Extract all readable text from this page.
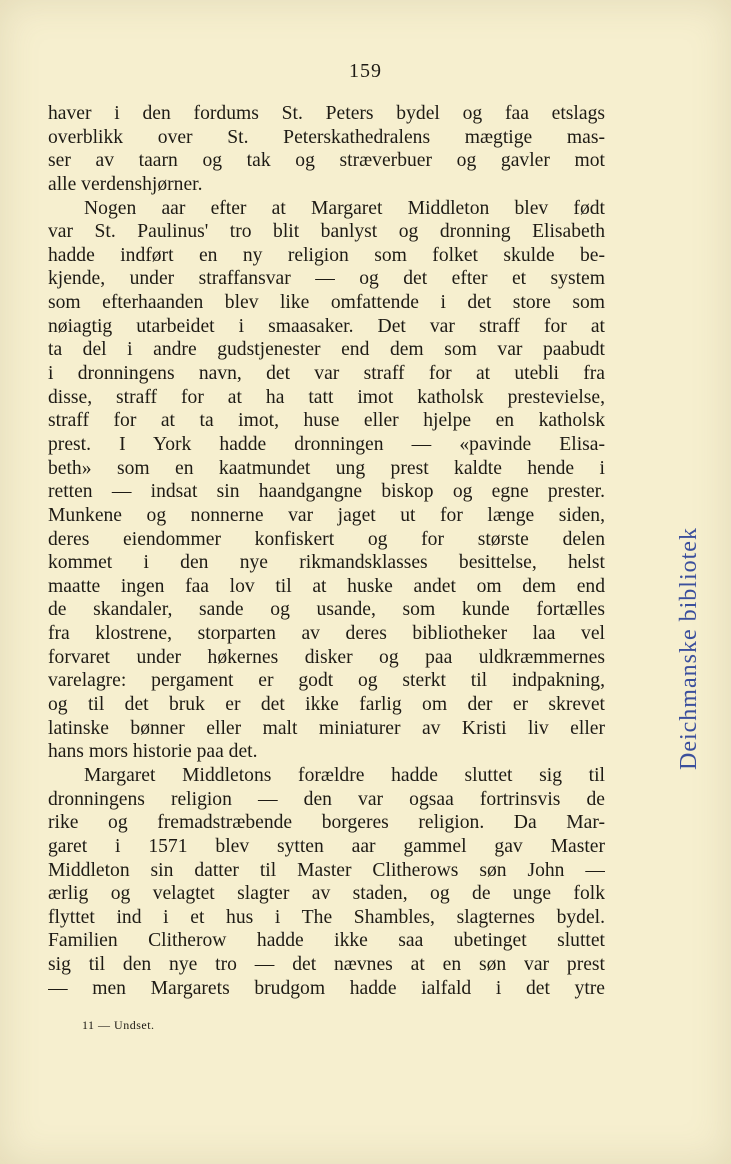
159
haver i den fordums St. Peters bydel og faa etslags
overblikk over St. Peterskathedralens mægtige mas-
ser av taarn og tak og stræverbuer og gavler mot
alle verdenshjørner.
Nogen aar efter at Margaret Middleton blev født
var St. Paulinus' tro blit banlyst og dronning Elisabeth
hadde indført en ny religion som folket skulde be-
kjende, under straffansvar — og det efter et system
som efterhaanden blev like omfattende i det store som
nøiagtig utarbeidet i smaasaker. Det var straff for at
ta del i andre gudstjenester end dem som var paabudt
i dronningens navn, det var straff for at utebli fra
disse, straff for at ha tatt imot katholsk prestevielse,
straff for at ta imot, huse eller hjelpe en katholsk
prest. I York hadde dronningen — «pavinde Elisa-
beth» som en kaatmundet ung prest kaldte hende i
retten — indsat sin haandgangne biskop og egne prester.
Munkene og nonnerne var jaget ut for længe siden,
deres eiendommer konfiskert og for største delen
kommet i den nye rikmandsklasses besittelse, helst
maatte ingen faa lov til at huske andet om dem end
de skandaler, sande og usande, som kunde fortælles
fra klostrene, storparten av deres bibliotheker laa vel
forvaret under høkernes disker og paa uldkræmmernes
varelagre: pergament er godt og sterkt til indpakning,
og til det bruk er det ikke farlig om der er skrevet
latinske bønner eller malt miniaturer av Kristi liv eller
hans mors historie paa det.
Margaret Middletons forældre hadde sluttet sig til
dronningens religion — den var ogsaa fortrinsvis de
rike og fremadstræbende borgeres religion. Da Mar-
garet i 1571 blev sytten aar gammel gav Master
Middleton sin datter til Master Clitherows søn John —
ærlig og velagtet slagter av staden, og de unge folk
flyttet ind i et hus i The Shambles, slagternes bydel.
Familien Clitherow hadde ikke saa ubetinget sluttet
sig til den nye tro — det nævnes at en søn var prest
— men Margarets brudgom hadde ialfald i det ytre
11 — Undset.
Deichmanske bibliotek
